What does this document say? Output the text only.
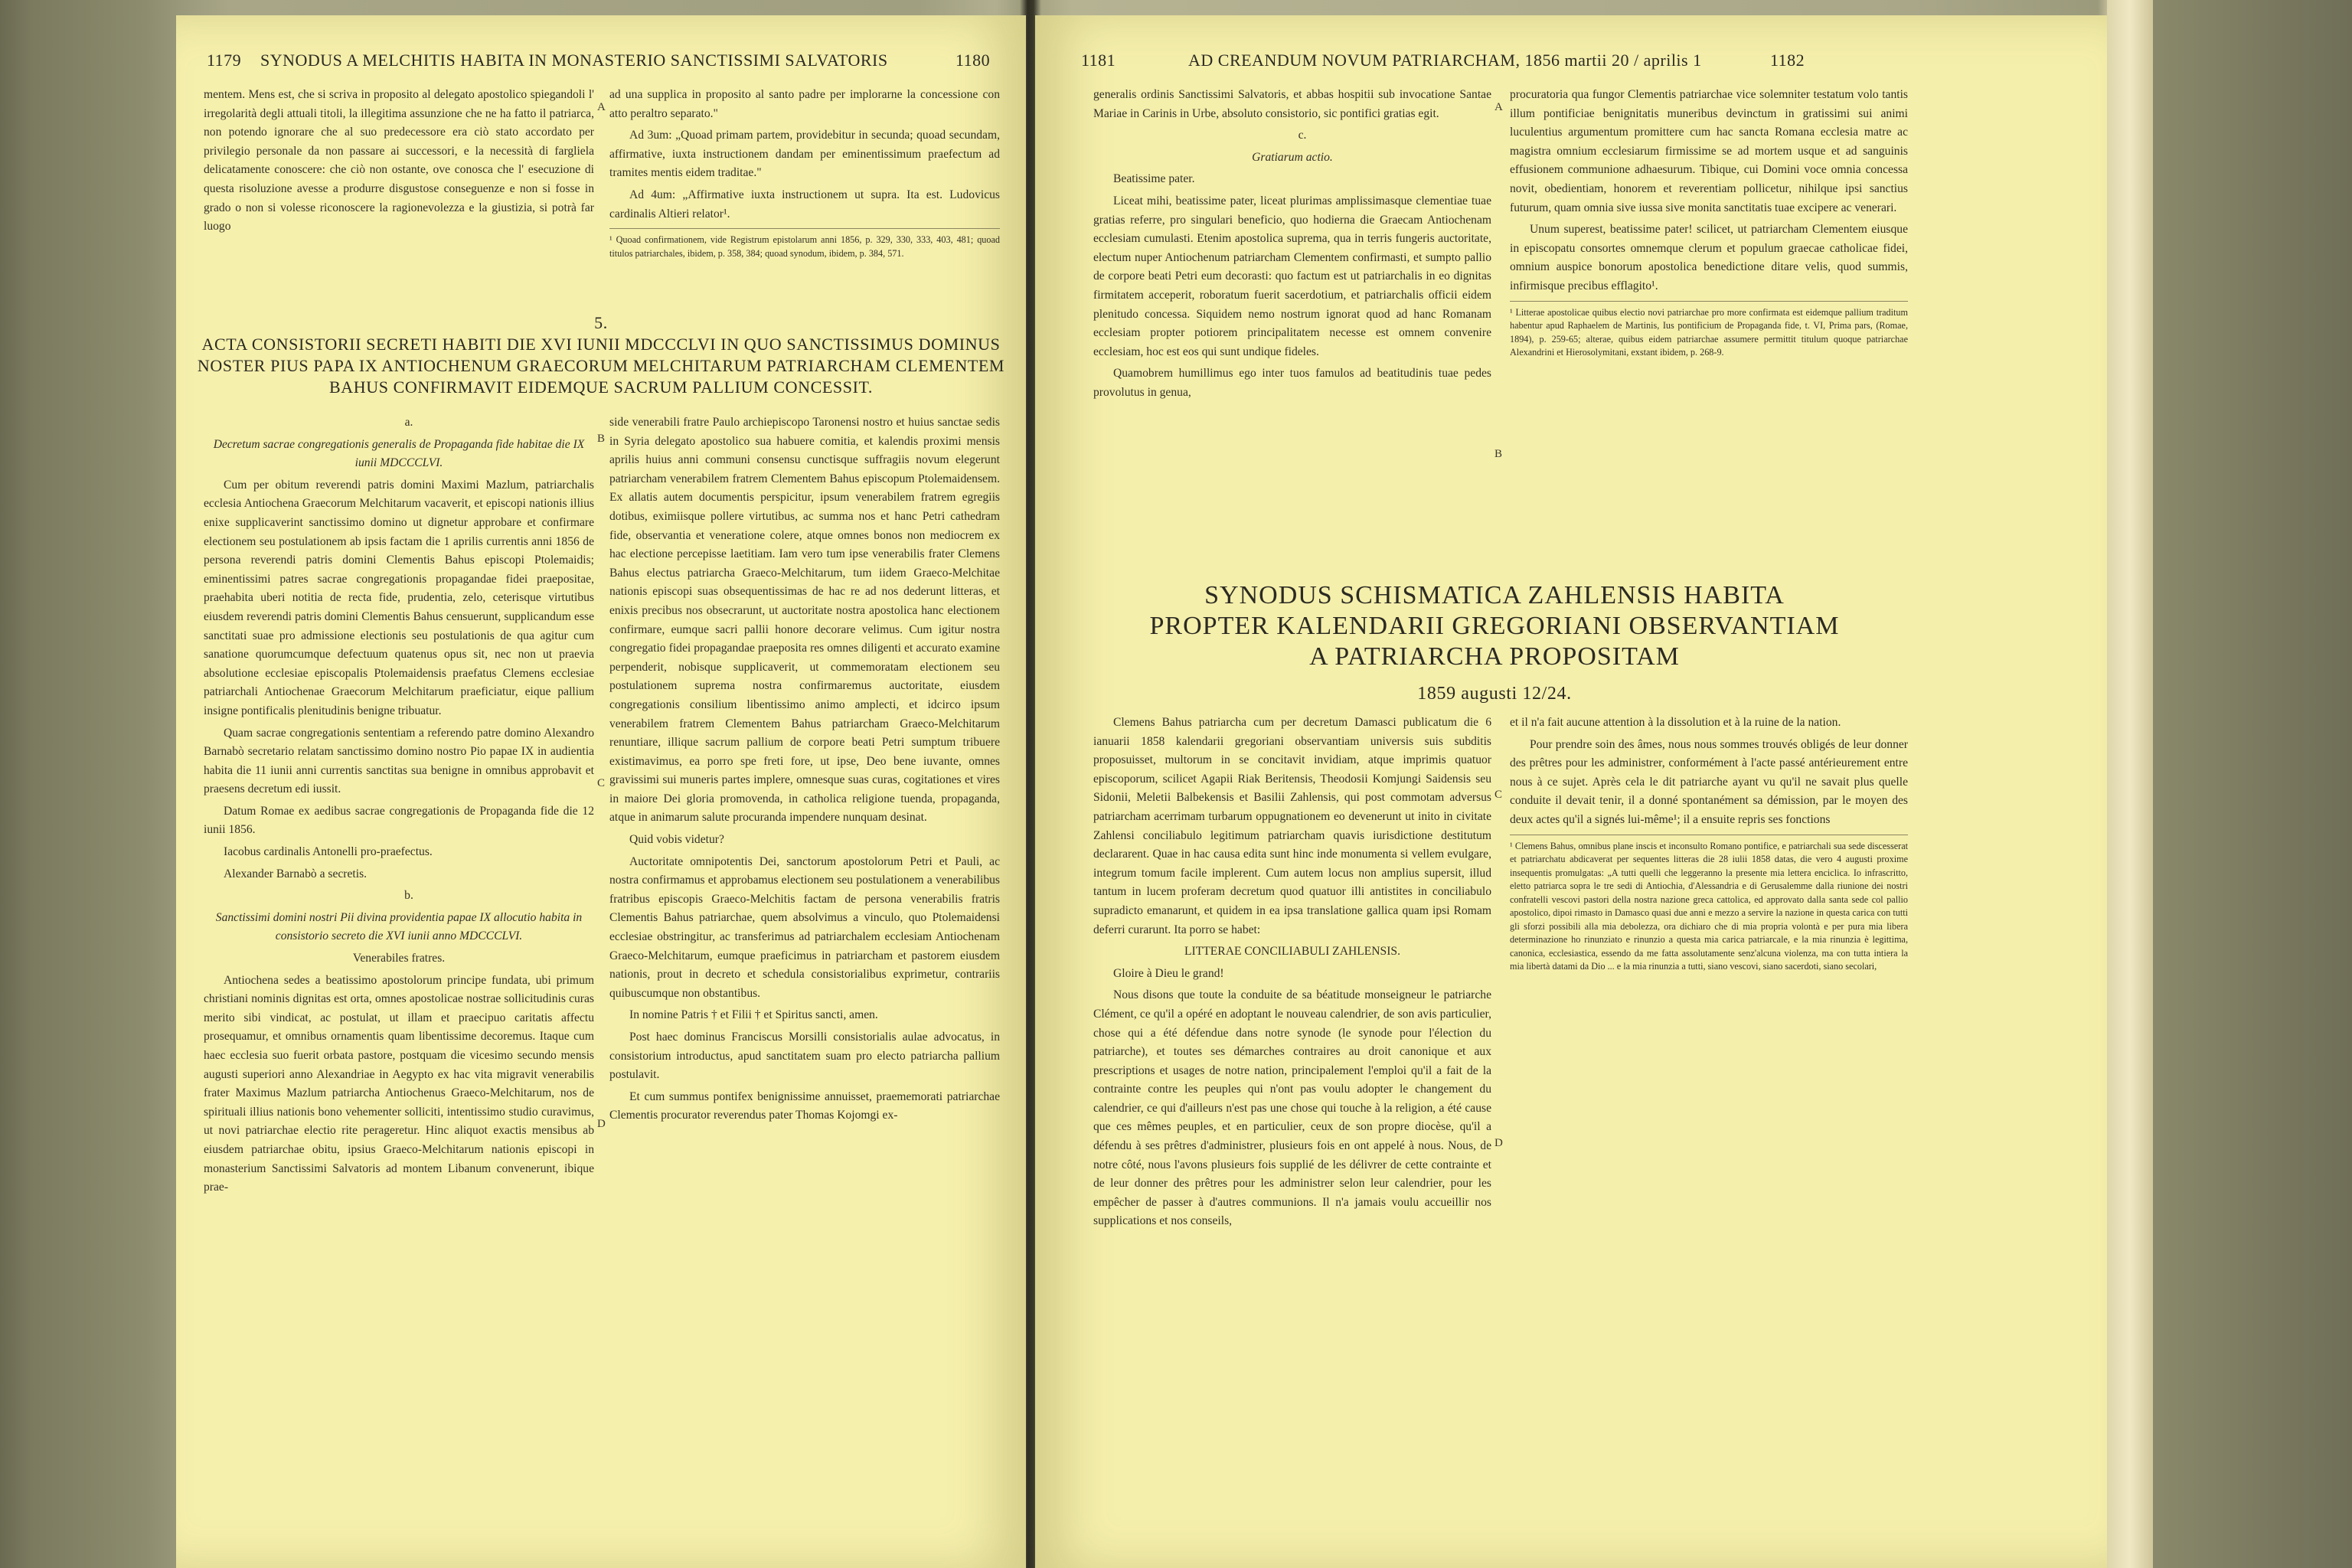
1179 SYNODUS A MELCHITIS HABITA IN MONASTERIO SANCTISSIMI SALVATORIS	1180

mentem. Mens est, che si scriva in proposito al delegato apostolico spiegandoli l' irregolarità degli attuali titoli, la illegitima assunzione che ne ha fatto il patriarca, non potendo ignorare che al suo predecessore era ciò stato accordato per privilegio personale da non passare ai successori, e la necessità di fargliela delicatamente conoscere: che ciò non ostante, ove conosca che l' esecuzione di questa risoluzione avesse a produrre disgustose conseguenze e non si fosse in grado o non si volesse riconoscere la ragionevolezza e la giustizia, si potrà far luogo

ad una supplica in proposito al santo padre per implorarne la concessione con atto peraltro separato."

Ad 3um: „Quoad primam partem, providebitur in secunda; quoad secundam, affirmative, iuxta instructionem dandam per eminentissimum praefectum ad tramites mentis eidem traditae."

Ad 4um: „Affirmative iuxta instructionem ut supra. Ita est. Ludovicus cardinalis Altieri relator¹.

¹ Quoad confirmationem, vide Registrum epistolarum anni 1856, p. 329, 330, 333, 403, 481; quoad titulos patriarchales, ibidem, p. 358, 384; quoad synodum, ibidem, p. 384, 571.
5.
ACTA CONSISTORII SECRETI HABITI DIE XVI IUNII MDCCCLVI IN QUO SANCTISSIMUS DOMINUS NOSTER PIUS PAPA IX ANTIOCHENUM GRAECORUM MELCHITARUM PATRIARCHAM CLEMENTEM BAHUS CONFIRMAVIT EIDEMQUE SACRUM PALLIUM CONCESSIT.

a.

Decretum sacrae congregationis generalis de Propaganda fide habitae die IX iunii MDCCCLVI.

Cum per obitum reverendi patris domini Maximi Mazlum, patriarchalis ecclesia Antiochena Graecorum Melchitarum vacaverit, et episcopi nationis illius enixe supplicaverint sanctissimo domino ut dignetur approbare et confirmare electionem seu postulationem ab ipsis factam die 1 aprilis currentis anni 1856 de persona reverendi patris domini Clementis Bahus episcopi Ptolemaidis; eminentissimi patres sacrae congregationis propagandae fidei praepositae, praehabita uberi notitia de recta fide, prudentia, zelo, ceterisque virtutibus eiusdem reverendi patris domini Clementis Bahus censuerunt, supplicandum esse sanctitati suae pro admissione electionis seu postulationis de qua agitur cum sanatione quorumcumque defectuum quatenus opus sit, nec non ut praevia absolutione ecclesiae episcopalis Ptolemaidensis praefatus Clemens ecclesiae patriarchali Antiochenae Graecorum Melchitarum praeficiatur, eique pallium insigne pontificalis plenitudinis benigne tribuatur.

Quam sacrae congregationis sententiam a referendo patre domino Alexandro Barnabò secretario relatam sanctissimo domino nostro Pio papae IX in audientia habita die 11 iunii anni currentis sanctitas sua benigne in omnibus approbavit et praesens decretum edi iussit.

Datum Romae ex aedibus sacrae congregationis de Propaganda fide die 12 iunii 1856.

Iacobus cardinalis Antonelli pro-praefectus.

Alexander Barnabò a secretis.

b.

Sanctissimi domini nostri Pii divina providentia papae IX allocutio habita in consistorio secreto die XVI iunii anno MDCCCLVI.

Venerabiles fratres.

Antiochena sedes a beatissimo apostolorum principe fundata, ubi primum christiani nominis dignitas est orta, omnes apostolicae nostrae sollicitudinis curas merito sibi vindicat, ac postulat, ut illam et praecipuo caritatis affectu prosequamur, et omnibus ornamentis quam libentissime decoremus. Itaque cum haec ecclesia suo fuerit orbata pastore, postquam die vicesimo secundo mensis augusti superiori anno Alexandriae in Aegypto ex hac vita migravit venerabilis frater Maximus Mazlum patriarcha Antiochenus Graeco-Melchitarum, nos de spirituali illius nationis bono vehementer solliciti, intentissimo studio curavimus, ut novi patriarchae electio rite perageretur. Hinc aliquot exactis mensibus ab eiusdem patriarchae obitu, ipsius Graeco-Melchitarum nationis episcopi in monasterium Sanctissimi Salvatoris ad montem Libanum convenerunt, ibique prae-

side venerabili fratre Paulo archiepiscopo Taronensi nostro et huius sanctae sedis in Syria delegato apostolico sua habuere comitia, et kalendis proximi mensis aprilis huius anni communi consensu cunctisque suffragiis novum elegerunt patriarcham venerabilem fratrem Clementem Bahus episcopum Ptolemaidensem. Ex allatis autem documentis perspicitur, ipsum venerabilem fratrem egregiis dotibus, eximiisque pollere virtutibus, ac summa nos et hanc Petri cathedram fide, observantia et veneratione colere, atque omnes bonos non mediocrem ex hac electione percepisse laetitiam. Iam vero tum ipse venerabilis frater Clemens Bahus electus patriarcha Graeco-Melchitarum, tum iidem Graeco-Melchitae nationis episcopi suas obsequentissimas de hac re ad nos dederunt litteras, et enixis precibus nos obsecrarunt, ut auctoritate nostra apostolica hanc electionem confirmare, eumque sacri pallii honore decorare velimus. Cum igitur nostra congregatio fidei propagandae praeposita res omnes diligenti et accurato examine perpenderit, nobisque supplicaverit, ut commemoratam electionem seu postulationem suprema nostra confirmaremus auctoritate, eiusdem congregationis consilium libentissimo animo amplecti, et idcirco ipsum venerabilem fratrem Clementem Bahus patriarcham Graeco-Melchitarum renuntiare, illique sacrum pallium de corpore beati Petri sumptum tribuere existimavimus, ea porro spe freti fore, ut ipse, Deo bene iuvante, omnes gravissimi sui muneris partes implere, omnesque suas curas, cogitationes et vires in maiore Dei gloria promovenda, in catholica religione tuenda, propaganda, atque in animarum salute procuranda impendere nunquam desinat.

Quid vobis videtur?

Auctoritate omnipotentis Dei, sanctorum apostolorum Petri et Pauli, ac nostra confirmamus et approbamus electionem seu postulationem a venerabilibus fratribus episcopis Graeco-Melchitis factam de persona venerabilis fratris Clementis Bahus patriarchae, quem absolvimus a vinculo, quo Ptolemaidensi ecclesiae obstringitur, ac transferimus ad patriarchalem ecclesiam Antiochenam Graeco-Melchitarum, eumque praeficimus in patriarcham et pastorem eiusdem nationis, prout in decreto et schedula consistorialibus exprimetur, contrariis quibuscumque non obstantibus.

In nomine Patris † et Filii † et Spiritus sancti, amen.

Post haec dominus Franciscus Morsilli consistorialis aulae advocatus, in consistorium introductus, apud sanctitatem suam pro electo patriarcha pallium postulavit.

Et cum summus pontifex benignissime annuisset, praememorati patriarchae Clementis procurator reverendus pater Thomas Kojomgi ex-

A
B
C
D
1181	AD CREANDUM NOVUM PATRIARCHAM, 1856 martii 20 / aprilis 1	1182

generalis ordinis Sanctissimi Salvatoris, et abbas hospitii sub invocatione Santae Mariae in Carinis in Urbe, absoluto consistorio, sic pontifici gratias egit.

c.

Gratiarum actio.

Beatissime pater.

Liceat mihi, beatissime pater, liceat plurimas amplissimasque clementiae tuae gratias referre, pro singulari beneficio, quo hodierna die Graecam Antiochenam ecclesiam cumulasti. Etenim apostolica suprema, qua in terris fungeris auctoritate, electum nuper Antiochenum patriarcham Clementem confirmasti, et sumpto pallio de corpore beati Petri eum decorasti: quo factum est ut patriarchalis in eo dignitas firmitatem acceperit, roboratum fuerit sacerdotium, et patriarchalis officii eidem plenitudo concessa. Siquidem nemo nostrum ignorat quod ad hanc Romanam ecclesiam propter potiorem principalitatem necesse est omnem convenire ecclesiam, hoc est eos qui sunt undique fideles.

Quamobrem humillimus ego inter tuos famulos ad beatitudinis tuae pedes provolutus in genua,

procuratoria qua fungor Clementis patriarchae vice solemniter testatum volo tantis illum pontificiae benignitatis muneribus devinctum in gratissimi sui animi luculentius argumentum promittere cum hac sancta Romana ecclesia matre ac magistra omnium ecclesiarum firmissime se ad mortem usque et ad sanguinis effusionem communione adhaesurum. Tibique, cui Domini voce omnia concessa novit, obedientiam, honorem et reverentiam pollicetur, nihilque ipsi sanctius futurum, quam omnia sive iussa sive monita sanctitatis tuae excipere ac venerari.

Unum superest, beatissime pater! scilicet, ut patriarcham Clementem eiusque in episcopatu consortes omnemque clerum et populum graecae catholicae fidei, omnium auspice bonorum apostolica benedictione ditare velis, quod summis, infirmisque precibus efflagito¹.

¹ Litterae apostolicae quibus electio novi patriarchae pro more confirmata est eidemque pallium traditum habentur apud Raphaelem de Martinis, Ius pontificium de Propaganda fide, t. VI, Prima pars, (Romae, 1894), p. 259-65; alterae, quibus eidem patriarchae assumere permittit titulum quoque patriarchae Alexandrini et Hierosolymitani, exstant ibidem, p. 268-9.
A
B
C
D
SYNODUS SCHISMATICA ZAHLENSIS HABITA
PROPTER KALENDARII GREGORIANI OBSERVANTIAM
A PATRIARCHA PROPOSITAM
1859 augusti 12/24.

Clemens Bahus patriarcha cum per decretum Damasci publicatum die 6 ianuarii 1858 kalendarii gregoriani observantiam universis suis subditis proposuisset, multorum in se concitavit invidiam, atque imprimis quatuor episcoporum, scilicet Agapii Riak Beritensis, Theodosii Komjungi Saidensis seu Sidonii, Meletii Balbekensis et Basilii Zahlensis, qui post commotam adversus patriarcham acerrimam turbarum oppugnationem eo devenerunt ut inito in civitate Zahlensi conciliabulo legitimum patriarcham quavis iurisdictione destitutum declararent. Quae in hac causa edita sunt hinc inde monumenta si vellem evulgare, integrum tomum facile implerent. Cum autem locus non amplius supersit, illud tantum in lucem proferam decretum quod quatuor illi antistites in conciliabulo supradicto emanarunt, et quidem in ea ipsa translatione gallica quam ipsi Romam deferri curarunt. Ita porro se habet:

LITTERAE CONCILIABULI ZAHLENSIS.

Gloire à Dieu le grand!

Nous disons que toute la conduite de sa béatitude monseigneur le patriarche Clément, ce qu'il a opéré en adoptant le nouveau calendrier, de son avis particulier, chose qui a été défendue dans notre synode (le synode pour l'élection du patriarche), et toutes ses démarches contraires au droit canonique et aux prescriptions et usages de notre nation, principalement l'emploi qu'il a fait de la contrainte contre les peuples qui n'ont pas voulu adopter le changement du calendrier, ce qui d'ailleurs n'est pas une chose qui touche à la religion, a été cause que ces mêmes peuples, et en particulier, ceux de son propre diocèse, qu'il a défendu à ses prêtres d'administrer, plusieurs fois en ont appelé à nous. Nous, de notre côté, nous l'avons plusieurs fois supplié de les délivrer de cette contrainte et de leur donner des prêtres pour les administrer selon leur calendrier, pour les empêcher de passer à d'autres communions. Il n'a jamais voulu accueillir nos supplications et nos conseils,

et il n'a fait aucune attention à la dissolution et à la ruine de la nation.

Pour prendre soin des âmes, nous nous sommes trouvés obligés de leur donner des prêtres pour les administrer, conformément à l'acte passé antérieurement entre nous à ce sujet. Après cela le dit patriarche ayant vu qu'il ne savait plus quelle conduite il devait tenir, il a donné spontanément sa démission, par le moyen des deux actes qu'il a signés lui-même¹; il a ensuite repris ses fonctions

¹ Clemens Bahus, omnibus plane inscis et inconsulto Romano pontifice, e patriarchali sua sede discesserat et patriarchatu abdicaverat per sequentes litteras die 28 iulii 1858 datas, die vero 4 augusti proxime insequentis promulgatas: „A tutti quelli che leggeranno la presente mia lettera enciclica. Io infrascritto, eletto patriarca sopra le tre sedi di Antiochia, d'Alessandria e di Gerusalemme dalla riunione dei nostri confratelli vescovi pastori della nostra nazione greca cattolica, ed approvato dalla santa sede col pallio apostolico, dipoi rimasto in Damasco quasi due anni e mezzo a servire la nazione in questa carica con tutti gli sforzi possibili alla mia debolezza, ora dichiaro che di mia propria volontà e per pura mia libera determinazione ho rinunziato e rinunzio a questa mia carica patriarcale, e la mia rinunzia è legittima, canonica, ecclesiastica, essendo da me fatta assolutamente senz'alcuna violenza, ma con tutta intiera la mia libertà datami da Dio ... e la mia rinunzia a tutti, siano vescovi, siano sacerdoti, siano secolari,
